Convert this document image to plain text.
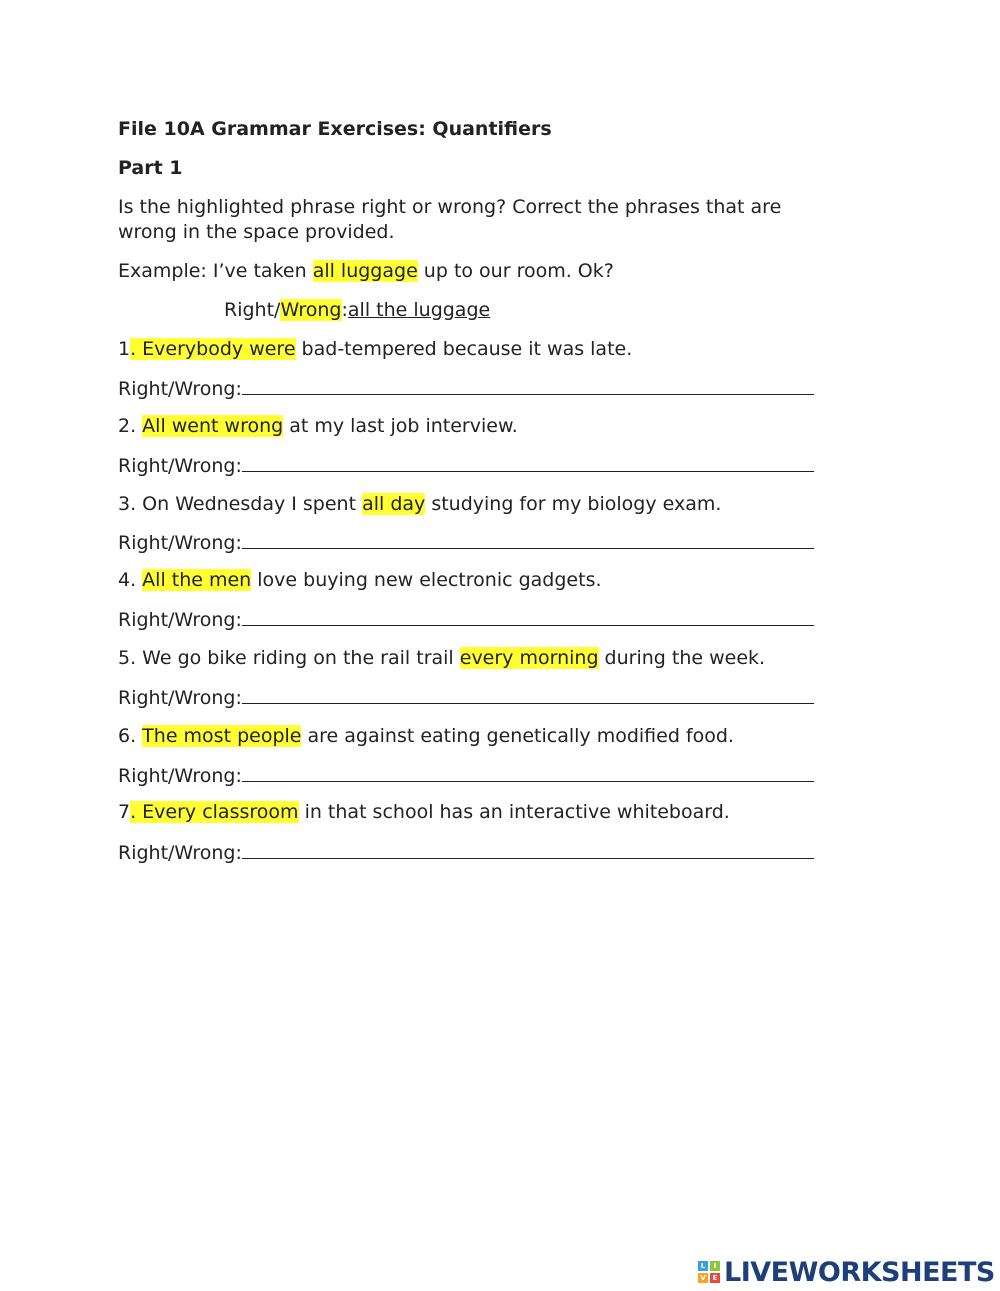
File 10A Grammar Exercises: Quantifiers
Part 1
Is the highlighted phrase right or wrong? Correct the phrases that are
wrong in the space provided.
Example: I’ve taken all luggage up to our room. Ok?
Right/Wrong:all the luggage
1. Everybody were bad-tempered because it was late.
Right/Wrong:
2. All went wrong at my last job interview.
Right/Wrong:
3. On Wednesday I spent all day studying for my biology exam.
Right/Wrong:
4. All the men love buying new electronic gadgets.
Right/Wrong:
5. We go bike riding on the rail trail every morning during the week.
Right/Wrong:
6. The most people are against eating genetically modified food.
Right/Wrong:
7. Every classroom in that school has an interactive whiteboard.
Right/Wrong:
L	I
V E LIVEWORKSHEETS
